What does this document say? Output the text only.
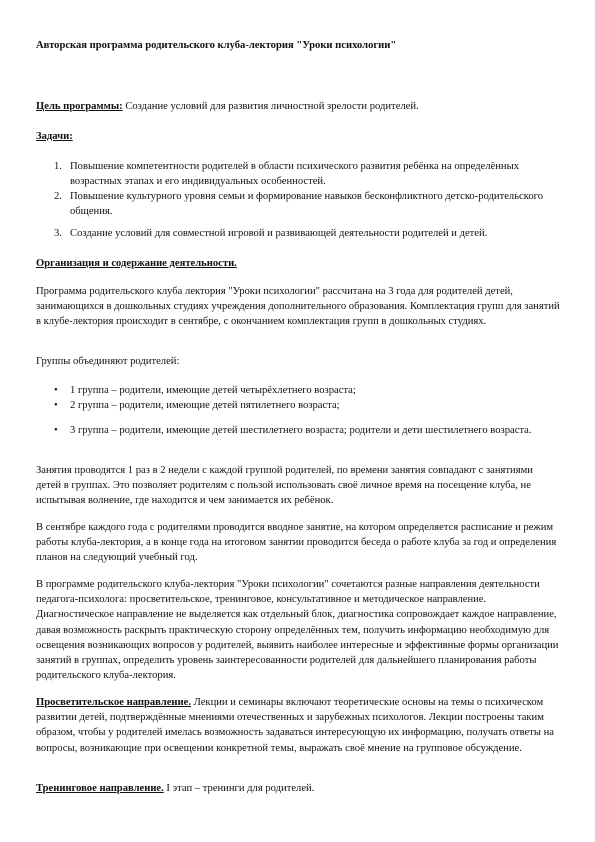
Авторская программа родительского клуба-лектория "Уроки психологии"
Цель программы: Создание условий для развития личностной зрелости родителей.
Задачи:
1. Повышение компетентности родителей в области психического развития ребёнка на определённых возрастных этапах и его индивидуальных особенностей.
2. Повышение культурного уровня семьи и формирование навыков бесконфликтного детско-родительского общения.
3. Создание условий для совместной игровой и развивающей деятельности родителей и детей.
Организация и содержание деятельности.
Программа родительского клуба лектория "Уроки психологии" рассчитана на 3 года для родителей детей, занимающихся в дошкольных студиях учреждения дополнительного образования. Комплектация групп для занятий в клубе-лектория происходит в сентябре, с окончанием комплектация групп в дошкольных студиях.
Группы объединяют родителей:
•	1 группа – родители, имеющие детей четырёхлетнего возраста;
•	2 группа – родители, имеющие детей пятилетнего возраста;
•	3 группа – родители, имеющие детей шестилетнего возраста; родители и дети шестилетнего возраста.
Занятия проводятся 1 раз в 2 недели с каждой группой родителей, по времени занятия совпадают с занятиями детей в группах. Это позволяет родителям с пользой использовать своё личное время на посещение клуба, не испытывая волнение, где находится и чем занимается их ребёнок.
В сентябре каждого года с родителями проводится вводное занятие, на котором определяется расписание и режим работы клуба-лектория, а в конце года на итоговом занятии проводится беседа о работе клуба за год и определения планов на следующий учебный год.
В программе родительского клуба-лектория "Уроки психологии" сочетаются разные направления деятельности педагога-психолога: просветительское, тренинговое, консультативное и методическое направление. Диагностическое направление не выделяется как отдельный блок, диагностика сопровождает каждое направление, давая возможность раскрыть практическую сторону определённых тем, получить информацию необходимую для освещения возникающих вопросов у родителей, выявить наиболее интересные и эффективные формы организации занятий в группах, определить уровень заинтересованности родителей для дальнейшего планирования работы родительского клуба-лектория.
Просветительское направление. Лекции и семинары включают теоретические основы на темы о психическом развитии детей, подтверждённые мнениями отечественных и зарубежных психологов. Лекции построены таким образом, чтобы у родителей имелась возможность задаваться интересующую их информацию, получать ответы на вопросы, возникающие при освещении конкретной темы, выражать своё мнение на групповое обсуждение.
Тренинговое направление. I этап – тренинги для родителей.
